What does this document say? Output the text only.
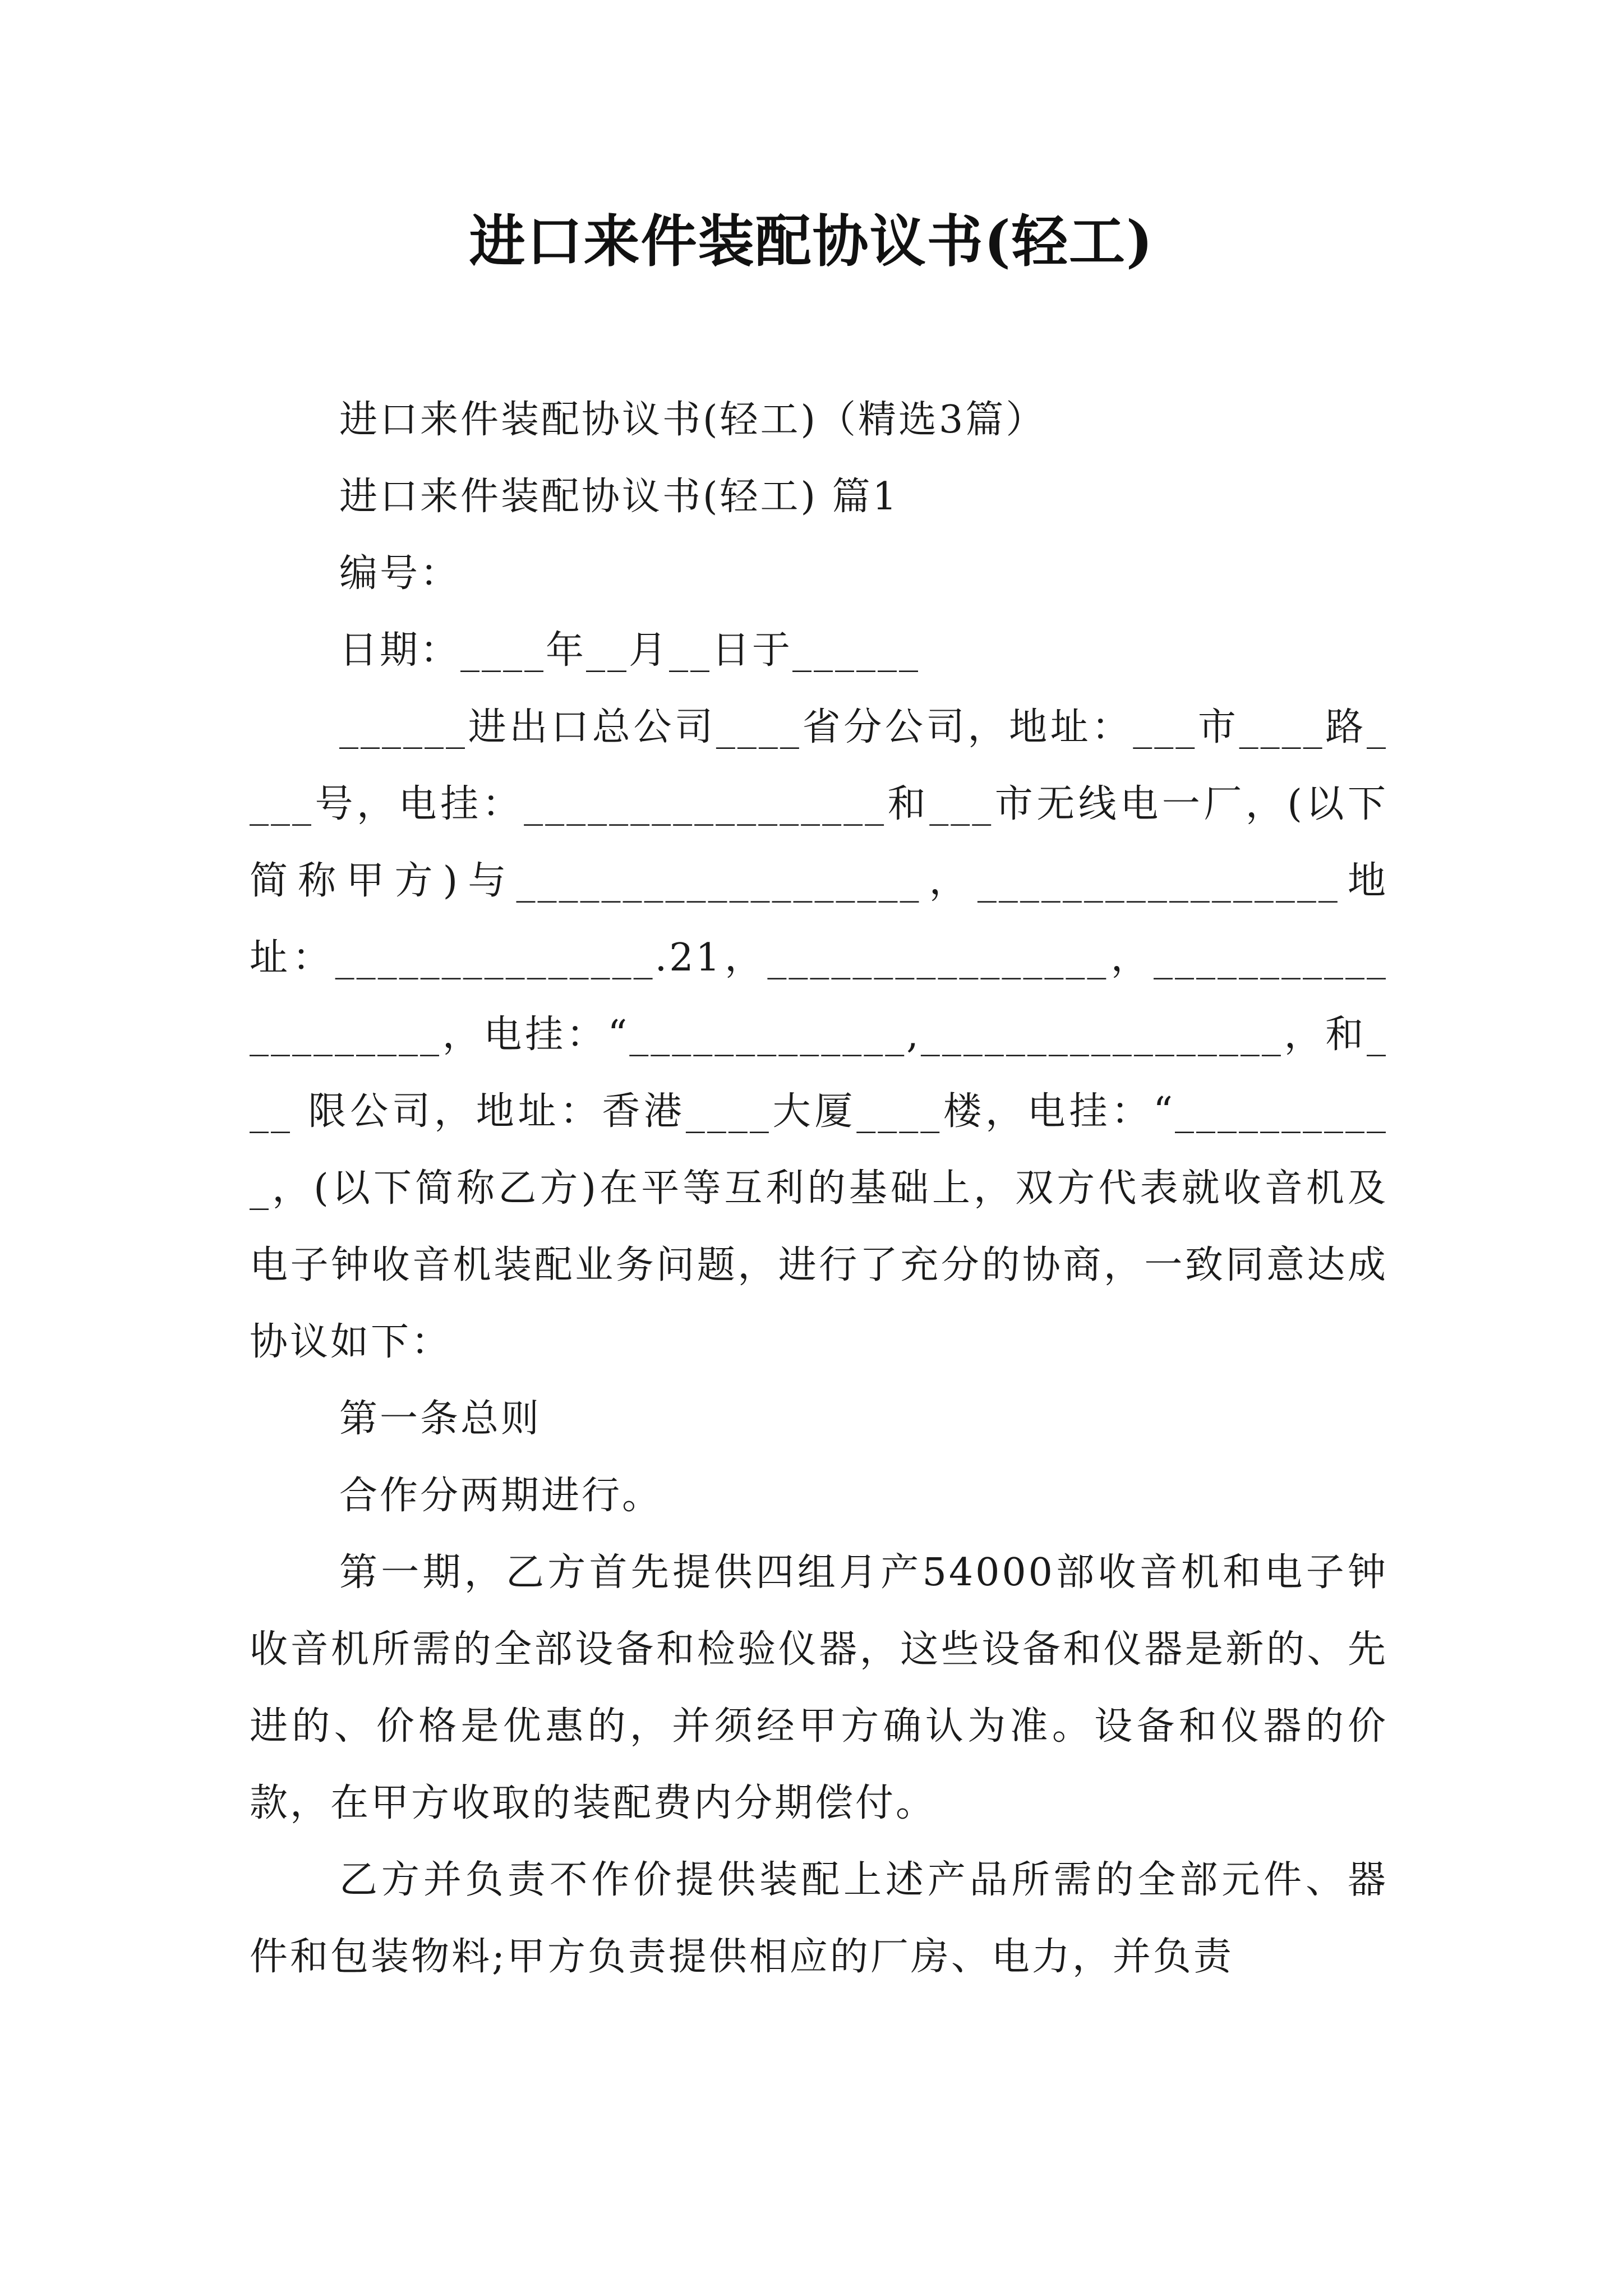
进口来件装配协议书(轻工)

进口来件装配协议书(轻工)（精选3篇）

进口来件装配协议书(轻工) 篇1

编号：

日期：____年__月__日于______

______进出口总公司____省分公司，地址：___市____路____号，电挂：_________________和___市无线电一厂，(以下简称甲方)与___________________，_________________地址：_______________.21，________________，____________________，电挂：“_____________,_________________，和___ 限公司，地址：香港____大厦____楼，电挂：“___________，(以下简称乙方)在平等互利的基础上，双方代表就收音机及电子钟收音机装配业务问题，进行了充分的协商，一致同意达成协议如下：

第一条总则

合作分两期进行。

第一期，乙方首先提供四组月产54000部收音机和电子钟收音机所需的全部设备和检验仪器，这些设备和仪器是新的、先进的、价格是优惠的，并须经甲方确认为准。设备和仪器的价款，在甲方收取的装配费内分期偿付。

乙方并负责不作价提供装配上述产品所需的全部元件、器件和包装物料;甲方负责提供相应的厂房、电力，并负责
